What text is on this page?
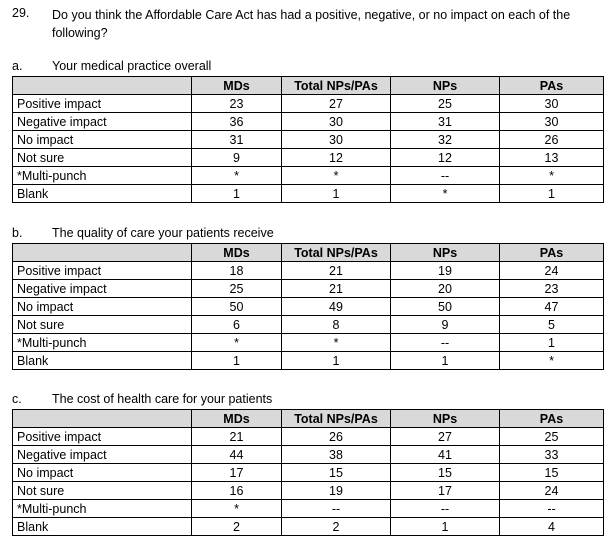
29. Do you think the Affordable Care Act has had a positive, negative, or no impact on each of the following?
a. Your medical practice overall
	MDs	Total NPs/PAs	NPs	PAs
Positive impact	23	27	25	30
Negative impact	36	30	31	30
No impact	31	30	32	26
Not sure	9	12	12	13
*Multi-punch	*	*	--	*
Blank	1	1	*	1
b. The quality of care your patients receive
	MDs	Total NPs/PAs	NPs	PAs
Positive impact	18	21	19	24
Negative impact	25	21	20	23
No impact	50	49	50	47
Not sure	6	8	9	5
*Multi-punch	*	*	--	1
Blank	1	1	1	*
c. The cost of health care for your patients
	MDs	Total NPs/PAs	NPs	PAs
Positive impact	21	26	27	25
Negative impact	44	38	41	33
No impact	17	15	15	15
Not sure	16	19	17	24
*Multi-punch	*	--	--	--
Blank	2	2	1	4
